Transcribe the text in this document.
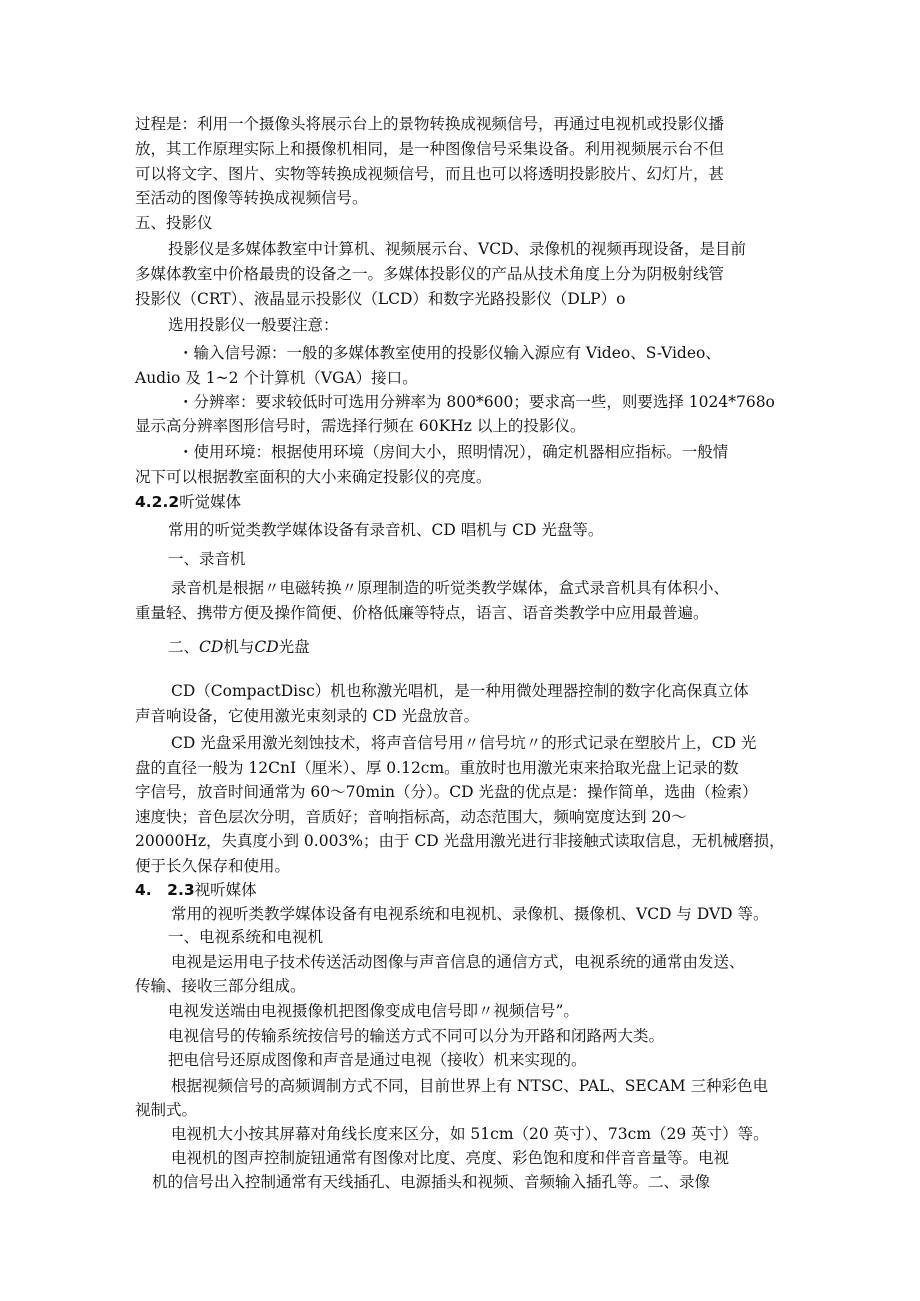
过程是：利用一个摄像头将展示台上的景物转换成视频信号，再通过电视机或投影仪播
放，其工作原理实际上和摄像机相同，是一种图像信号采集设备。利用视频展示台不但
可以将文字、图片、实物等转换成视频信号，而且也可以将透明投影胶片、幻灯片，甚
至活动的图像等转换成视频信号。
五、投影仪
投影仪是多媒体教室中计算机、视频展示台、VCD、录像机的视频再现设备，是目前
多媒体教室中价格最贵的设备之一。多媒体投影仪的产品从技术角度上分为阴极射线管
投影仪（CRT）、液晶显示投影仪（LCD）和数字光路投影仪（DLP）o
选用投影仪一般要注意：
・输入信号源：一般的多媒体教室使用的投影仪输入源应有 Video、S-Video、
Audio 及 1~2 个计算机（VGA）接口。
・分辨率：要求较低时可选用分辨率为 800*600；要求高一些，则要选择 1024*768o
显示高分辨率图形信号时，需选择行频在 60KHz 以上的投影仪。
・使用环境：根据使用环境（房间大小，照明情况），确定机器相应指标。一般情
况下可以根据教室面积的大小来确定投影仪的亮度。
4.2.2听觉媒体
常用的听觉类教学媒体设备有录音机、CD 唱机与 CD 光盘等。
一、录音机
录音机是根据〃电磁转换〃原理制造的听觉类教学媒体，盒式录音机具有体积小、
重量轻、携带方便及操作简便、价格低廉等特点，语言、语音类教学中应用最普遍。
二、CD机与CD光盘
CD（CompactDisc）机也称激光唱机，是一种用微处理器控制的数字化高保真立体
声音响设备，它使用激光束刻录的 CD 光盘放音。
CD 光盘采用激光刻蚀技术，将声音信号用〃信号坑〃的形式记录在塑胶片上，CD 光
盘的直径一般为 12CnI（厘米）、厚 0.12cm。重放时也用激光束来拾取光盘上记录的数
字信号，放音时间通常为 60～70min（分）。CD 光盘的优点是：操作简单，选曲（检索）
速度快；音色层次分明，音质好；音响指标高，动态范围大，频响宽度达到 20～
20000Hz，失真度小到 0.003%；由于 CD 光盘用激光进行非接触式读取信息，无机械磨损，
便于长久保存和使用。
4.　2.3视听媒体
常用的视听类教学媒体设备有电视系统和电视机、录像机、摄像机、VCD 与 DVD 等。
一、电视系统和电视机
电视是运用电子技术传送活动图像与声音信息的通信方式，电视系统的通常由发送、
传输、接收三部分组成。
电视发送端由电视摄像机把图像变成电信号即〃视频信号”。
电视信号的传输系统按信号的输送方式不同可以分为开路和闭路两大类。
把电信号还原成图像和声音是通过电视（接收）机来实现的。
根据视频信号的高频调制方式不同，目前世界上有 NTSC、PAL、SECAM 三种彩色电
视制式。
电视机大小按其屏幕对角线长度来区分，如 51cm（20 英寸）、73cm（29 英寸）等。
电视机的图声控制旋钮通常有图像对比度、亮度、彩色饱和度和伴音音量等。电视
机的信号出入控制通常有天线插孔、电源插头和视频、音频输入插孔等。二、录像
